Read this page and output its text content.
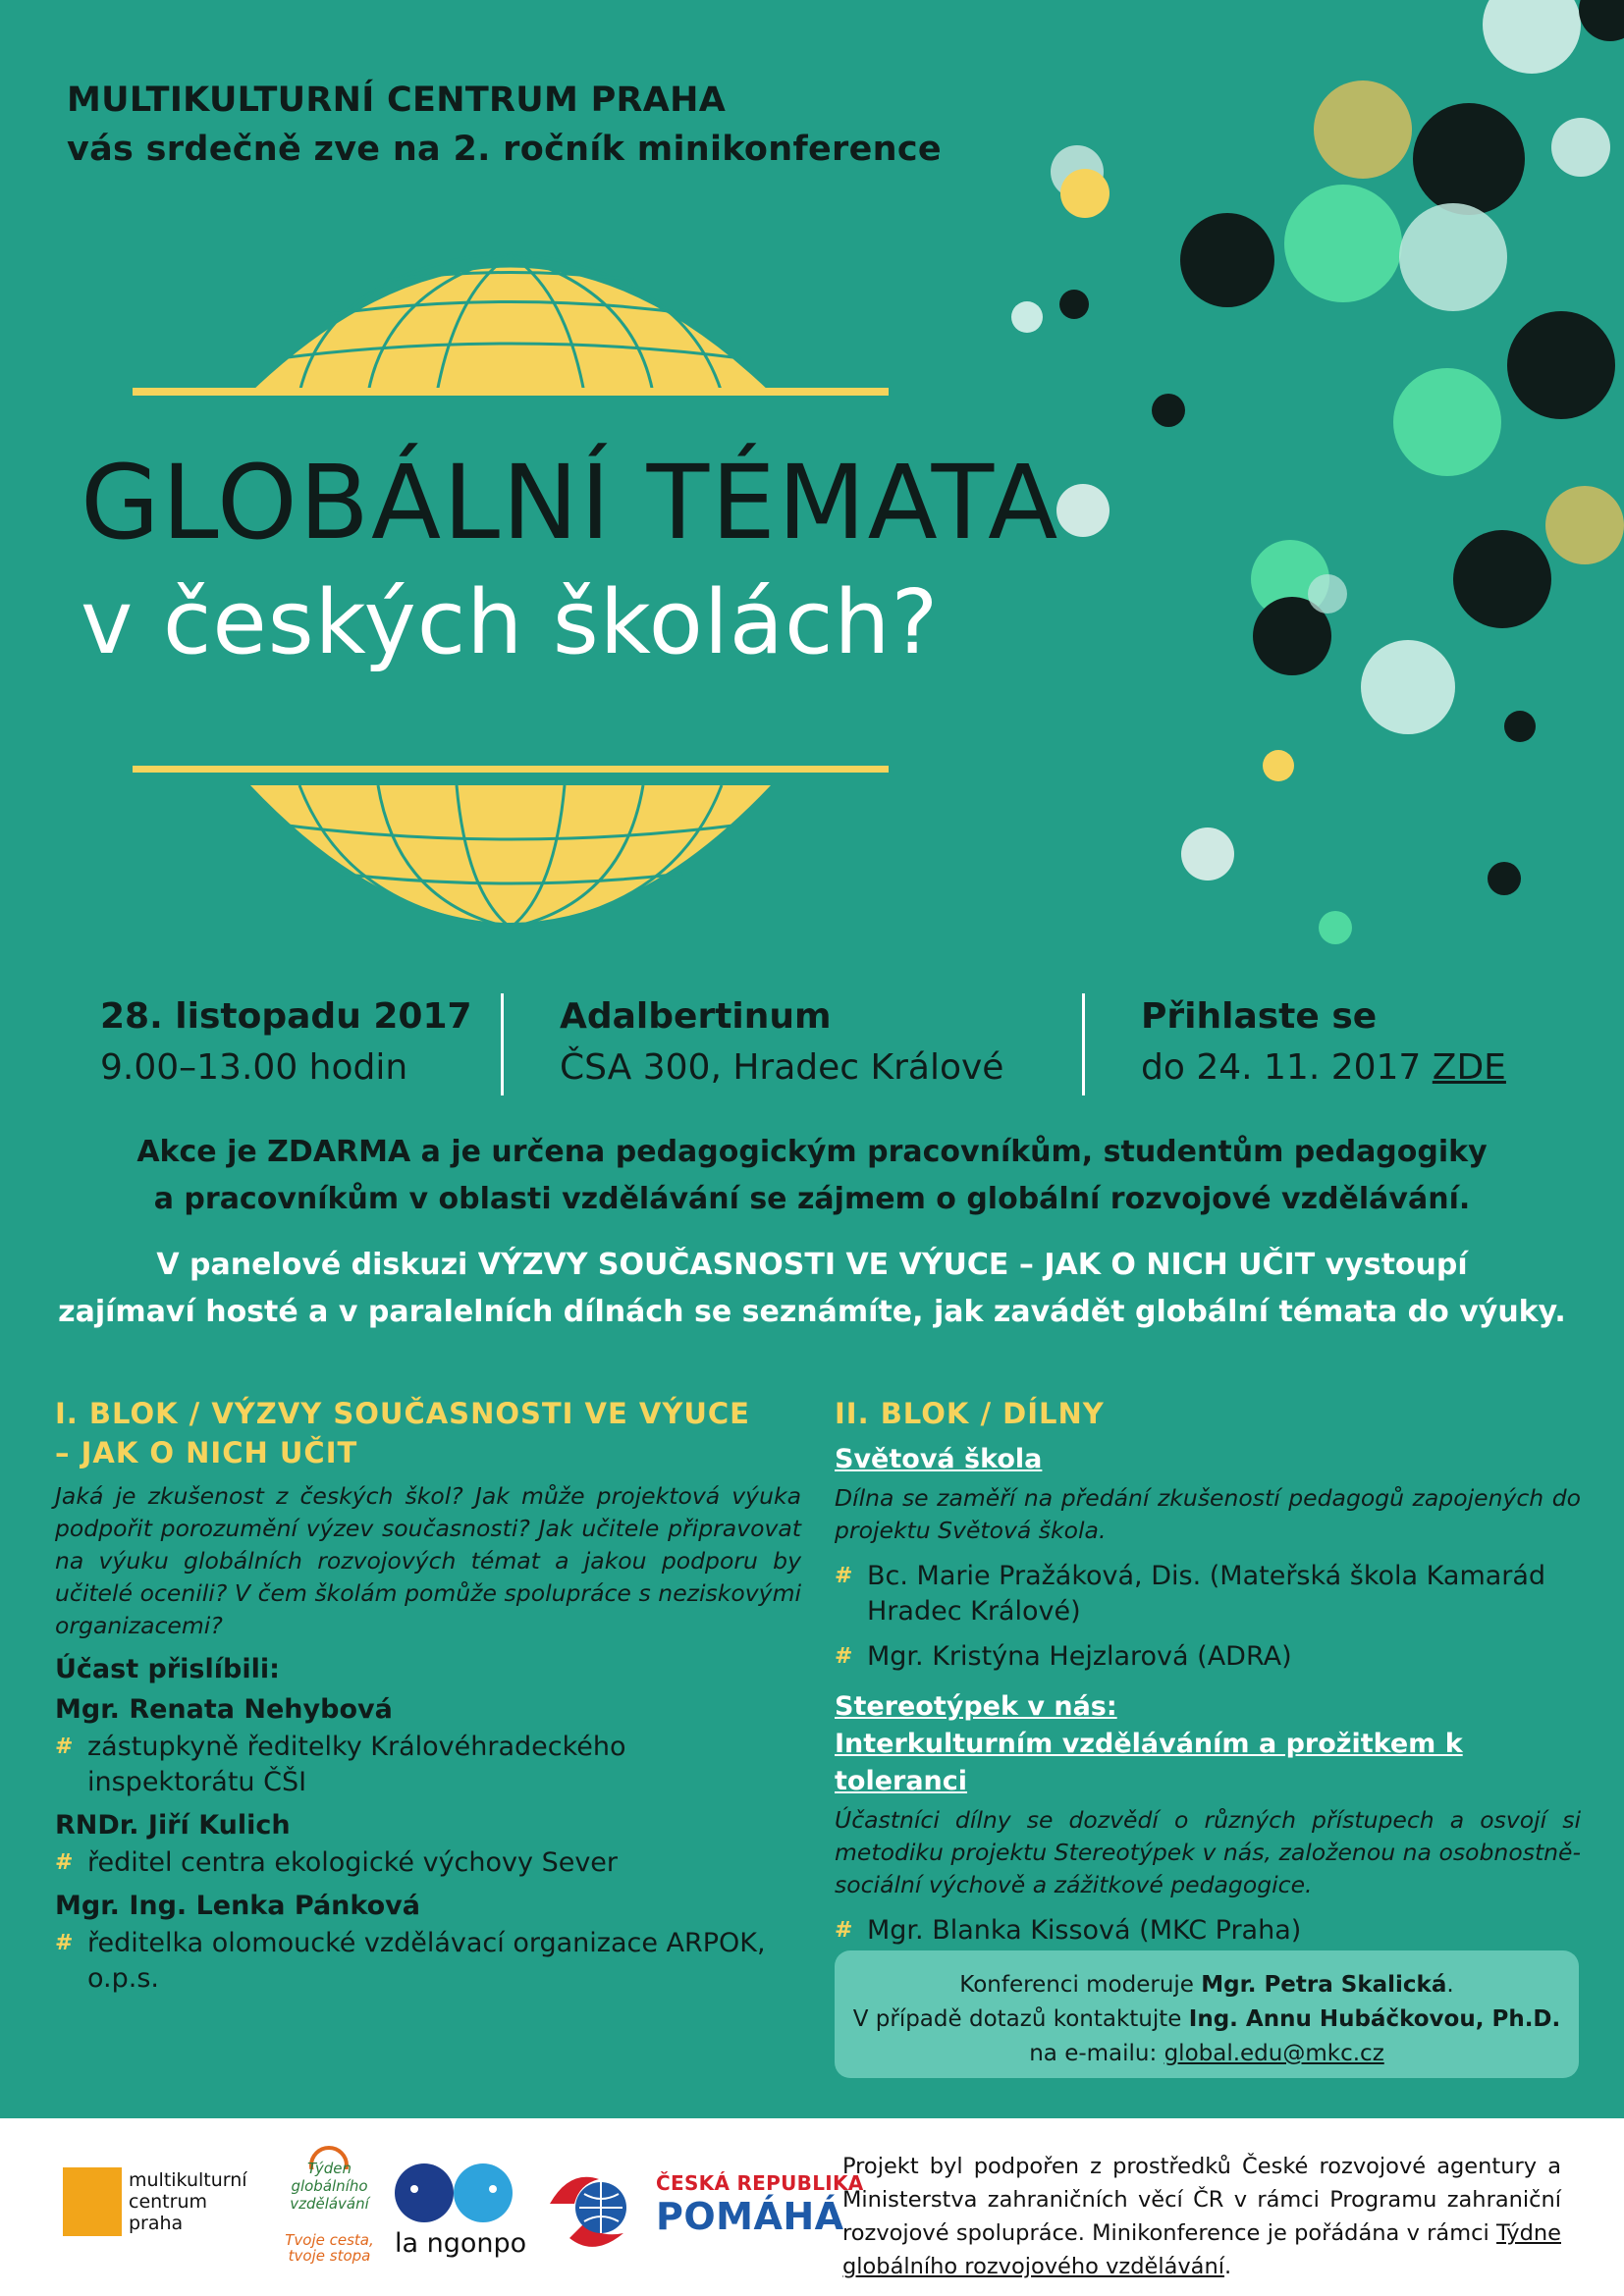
MULTIKULTURNÍ CENTRUM PRAHA
vás srdečně zve na 2. ročník minikonference
GLOBÁLNÍ TÉMATA
v českých školách?
28. listopadu 2017
9.00–13.00 hodin
Adalbertinum
ČSA 300, Hradec Králové
Přihlaste se
do 24. 11. 2017 ZDE
Akce je ZDARMA a je určena pedagogickým pracovníkům, studentům pedagogiky
a pracovníkům v oblasti vzdělávání se zájmem o globální rozvojové vzdělávání.
V panelové diskuzi VÝZVY SOUČASNOSTI VE VÝUCE – JAK O NICH UČIT vystoupí
zajímaví hosté a v paralelních dílnách se seznámíte, jak zavádět globální témata do výuky.
I. BLOK / VÝZVY SOUČASNOSTI VE VÝUCE
– JAK O NICH UČIT

Jaká je zkušenost z českých škol? Jak může projektová výuka podpořit porozumění výzev současnosti? Jak učitele připravovat na výuku globálních rozvojových témat a jakou podporu by učitelé ocenili? V čem školám pomůže spolupráce s neziskovými organizacemi?

Účast přislíbili:
Mgr. Renata Nehybová
# zástupkyně ředitelky Královéhradeckého inspektorátu ČŠI
RNDr. Jiří Kulich
# ředitel centra ekologické výchovy Sever
Mgr. Ing. Lenka Pánková
# ředitelka olomoucké vzdělávací organizace ARPOK, o.p.s.
II. BLOK / DÍLNY
Světová škola

Dílna se zaměří na předání zkušeností pedagogů zapojených do projektu Světová škola.

# Bc. Marie Pražáková, Dis. (Mateřská škola Kamarád Hradec Králové)
# Mgr. Kristýna Hejzlarová (ADRA)
Stereotýpek v nás:
Interkulturním vzděláváním a prožitkem k toleranci

Účastníci dílny se dozvědí o různých přístupech a osvojí si metodiku projektu Stereotýpek v nás, založenou na osobnostně-sociální výchově a zážitkové pedagogice.

# Mgr. Blanka Kissová (MKC Praha)
Konferenci moderuje Mgr. Petra Skalická.
V případě dotazů kontaktujte Ing. Annu Hubáčkovou, Ph.D.
na e-mailu: global.edu@mkc.cz
multikulturní centrum praha
Týden globálního vzdělávání
Tvoje cesta, tvoje stopa la ngonpo
ČESKÁ REPUBLIKA
POMÁHÁ
Projekt byl podpořen z prostředků České rozvojové agentury a Ministerstva zahraničních věcí ČR v rámci Programu zahraniční rozvojové spolupráce. Minikonference je pořádána v rámci Týdne globálního rozvojového vzdělávání.
